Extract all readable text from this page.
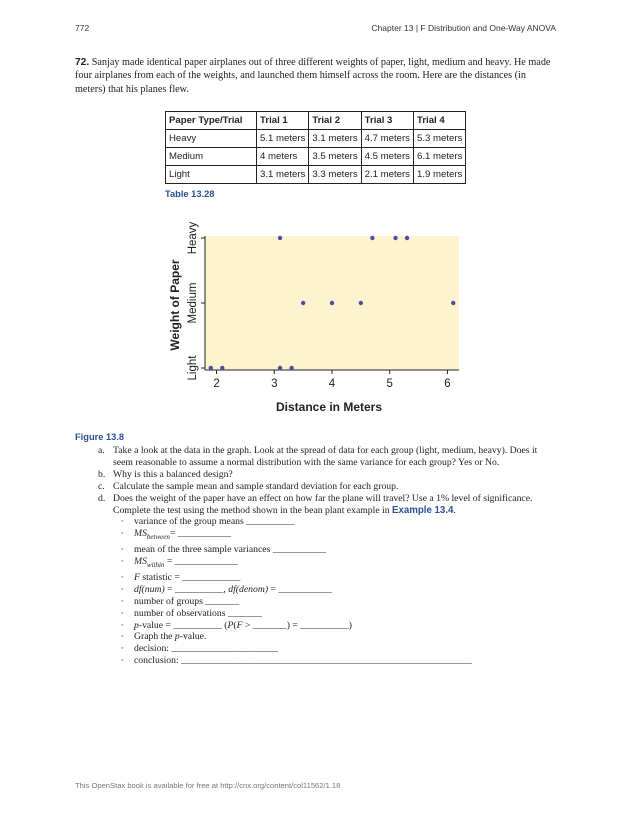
772	Chapter 13 | F Distribution and One-Way ANOVA

72. Sanjay made identical paper airplanes out of three different weights of paper, light, medium and heavy. He made four airplanes from each of the weights, and launched them himself across the room. Here are the distances (in meters) that his planes flew.

Paper Type/Trial	Trial 1	Trial 2	Trial 3	Trial 4
Heavy	5.1 meters	3.1 meters	4.7 meters	5.3 meters
Medium	4 meters	3.5 meters	4.5 meters	6.1 meters
Light	3.1 meters	3.3 meters	2.1 meters	1.9 meters
Table 13.28
2	3	4	5	6
Light
Medium
Heavy
Weight of Paper
Distance in Meters
Figure 13.8

a. Take a look at the data in the graph. Look at the spread of data for each group (light, medium, heavy). Does it seem reasonable to assume a normal distribution with the same variance for each group? Yes or No.

b. Why is this a balanced design?

c. Calculate the sample mean and sample standard deviation for each group.

d. Does the weight of the paper have an effect on how far the plane will travel? Use a 1% level of significance. Complete the test using the method shown in the bean plant example in Example 13.4.

◦ variance of the group means __________

◦ $MS_{between}=$ ___________

◦ mean of the three sample variances ___________

◦ $MS_{within}$ = _____________

◦ F statistic = ____________

◦ df(num) = __________, df(denom) = ___________

◦ number of groups _______

◦ number of observations _______

◦ p-value = __________ (P(F > _______) = __________)

◦ Graph the p-value.

◦ decision: ______________________

◦ conclusion: ____________________________________________________________

This OpenStax book is available for free at http://cnx.org/content/col11562/1.18
